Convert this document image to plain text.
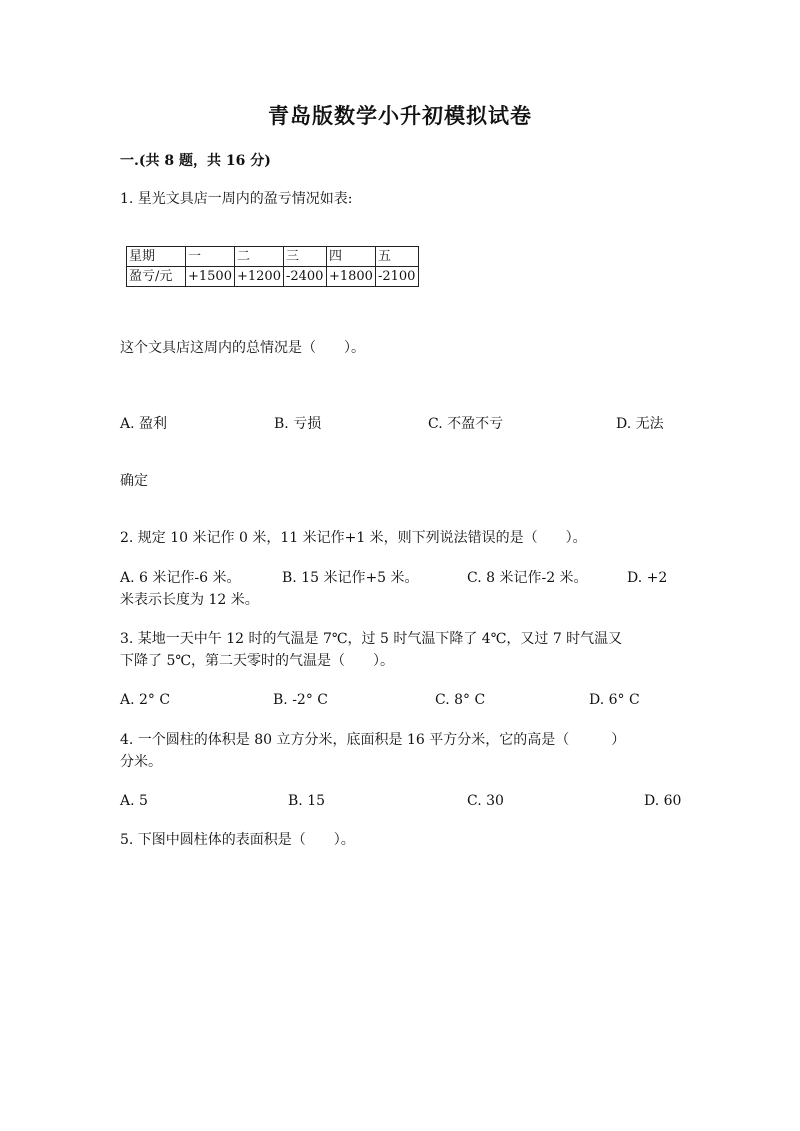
青岛版数学小升初模拟试卷
一.(共 8 题，共 16 分)
1. 星光文具店一周内的盈亏情况如表:
星期	一	二	三	四	五
盈亏/元	+1500	+1200	-2400	+1800	-2100
这个文具店这周内的总情况是（　　）。
A. 盈利	B. 亏损	C. 不盈不亏	D. 无法
确定
2. 规定 10 米记作 0 米，11 米记作+1 米，则下列说法错误的是（　　）。
A. 6 米记作-6 米。	B. 15 米记作+5 米。	C. 8 米记作-2 米。	D. +2
米表示长度为 12 米。
3. 某地一天中午 12 时的气温是 7℃，过 5 时气温下降了 4℃，又过 7 时气温又
下降了 5℃，第二天零时的气温是（　　）。
A. 2° C	B. -2° C	C. 8° C	D. 6° C
4. 一个圆柱的体积是 80 立方分米，底面积是 16 平方分米，它的高是（　　　）
分米。
A. 5	B. 15	C. 30	D. 60
5. 下图中圆柱体的表面积是（　　）。
